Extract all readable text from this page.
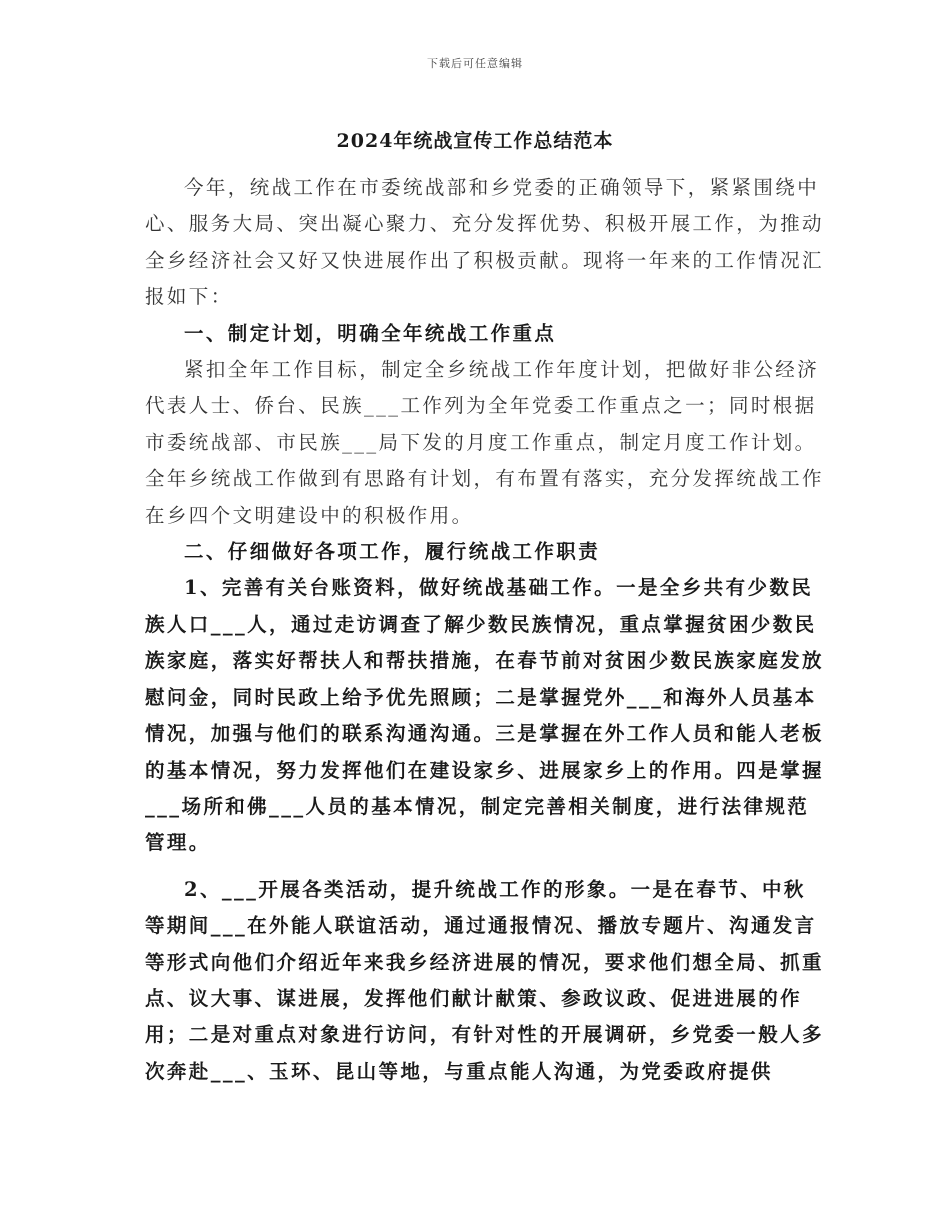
下载后可任意编辑
2024年统战宣传工作总结范本

今年，统战工作在市委统战部和乡党委的正确领导下，紧紧围绕中心、服务大局、突出凝心聚力、充分发挥优势、积极开展工作，为推动全乡经济社会又好又快进展作出了积极贡献。现将一年来的工作情况汇报如下：

一、制定计划，明确全年统战工作重点

紧扣全年工作目标，制定全乡统战工作年度计划，把做好非公经济代表人士、侨台、民族___工作列为全年党委工作重点之一；同时根据市委统战部、市民族___局下发的月度工作重点，制定月度工作计划。全年乡统战工作做到有思路有计划，有布置有落实，充分发挥统战工作在乡四个文明建设中的积极作用。

二、仔细做好各项工作，履行统战工作职责

1、完善有关台账资料，做好统战基础工作。一是全乡共有少数民族人口___人，通过走访调查了解少数民族情况，重点掌握贫困少数民族家庭，落实好帮扶人和帮扶措施，在春节前对贫困少数民族家庭发放慰问金，同时民政上给予优先照顾；二是掌握党外___和海外人员基本情况，加强与他们的联系沟通沟通。三是掌握在外工作人员和能人老板的基本情况，努力发挥他们在建设家乡、进展家乡上的作用。四是掌握___场所和佛___人员的基本情况，制定完善相关制度，进行法律规范管理。

2、___开展各类活动，提升统战工作的形象。一是在春节、中秋等期间___在外能人联谊活动，通过通报情况、播放专题片、沟通发言等形式向他们介绍近年来我乡经济进展的情况，要求他们想全局、抓重点、议大事、谋进展，发挥他们献计献策、参政议政、促进进展的作用；二是对重点对象进行访问，有针对性的开展调研，乡党委一般人多次奔赴___、玉环、昆山等地，与重点能人沟通，为党委政府提供
